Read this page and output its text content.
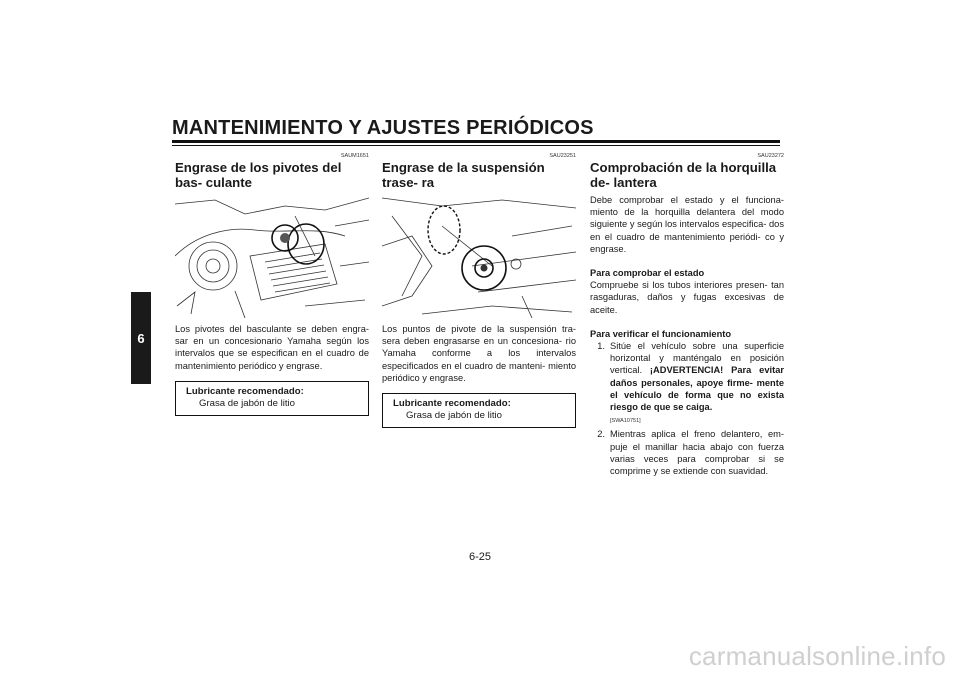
MANTENIMIENTO Y AJUSTES PERIÓDICOS
6
SAUM1651
Engrase de los pivotes del bas- culante

Los pivotes del basculante se deben engra- sar en un concesionario Yamaha según los intervalos que se especifican en el cuadro de mantenimiento periódico y engrase.

Lubricante recomendado:
Grasa de jabón de litio
SAU23251
Engrase de la suspensión trase- ra

Los puntos de pivote de la suspensión tra- sera deben engrasarse en un concesiona- rio Yamaha conforme a los intervalos especificados en el cuadro de manteni- miento periódico y engrase.

Lubricante recomendado:
Grasa de jabón de litio
SAU23272
Comprobación de la horquilla de- lantera

Debe comprobar el estado y el funciona- miento de la horquilla delantera del modo siguiente y según los intervalos especifica- dos en el cuadro de mantenimiento periódi- co y engrase.

Para comprobar el estado

Compruebe si los tubos interiores presen- tan rasgaduras, daños y fugas excesivas de aceite.

Para verificar el funcionamiento
1. Sitúe el vehículo sobre una superficie horizontal y manténgalo en posición vertical. ¡ADVERTENCIA! Para evitar daños personales, apoye firme- mente el vehículo de forma que no exista riesgo de que se caiga.
[SWA10751]
2. Mientras aplica el freno delantero, em- puje el manillar hacia abajo con fuerza varias veces para comprobar si se comprime y se extiende con suavidad.
6-25
carmanualsonline.info
